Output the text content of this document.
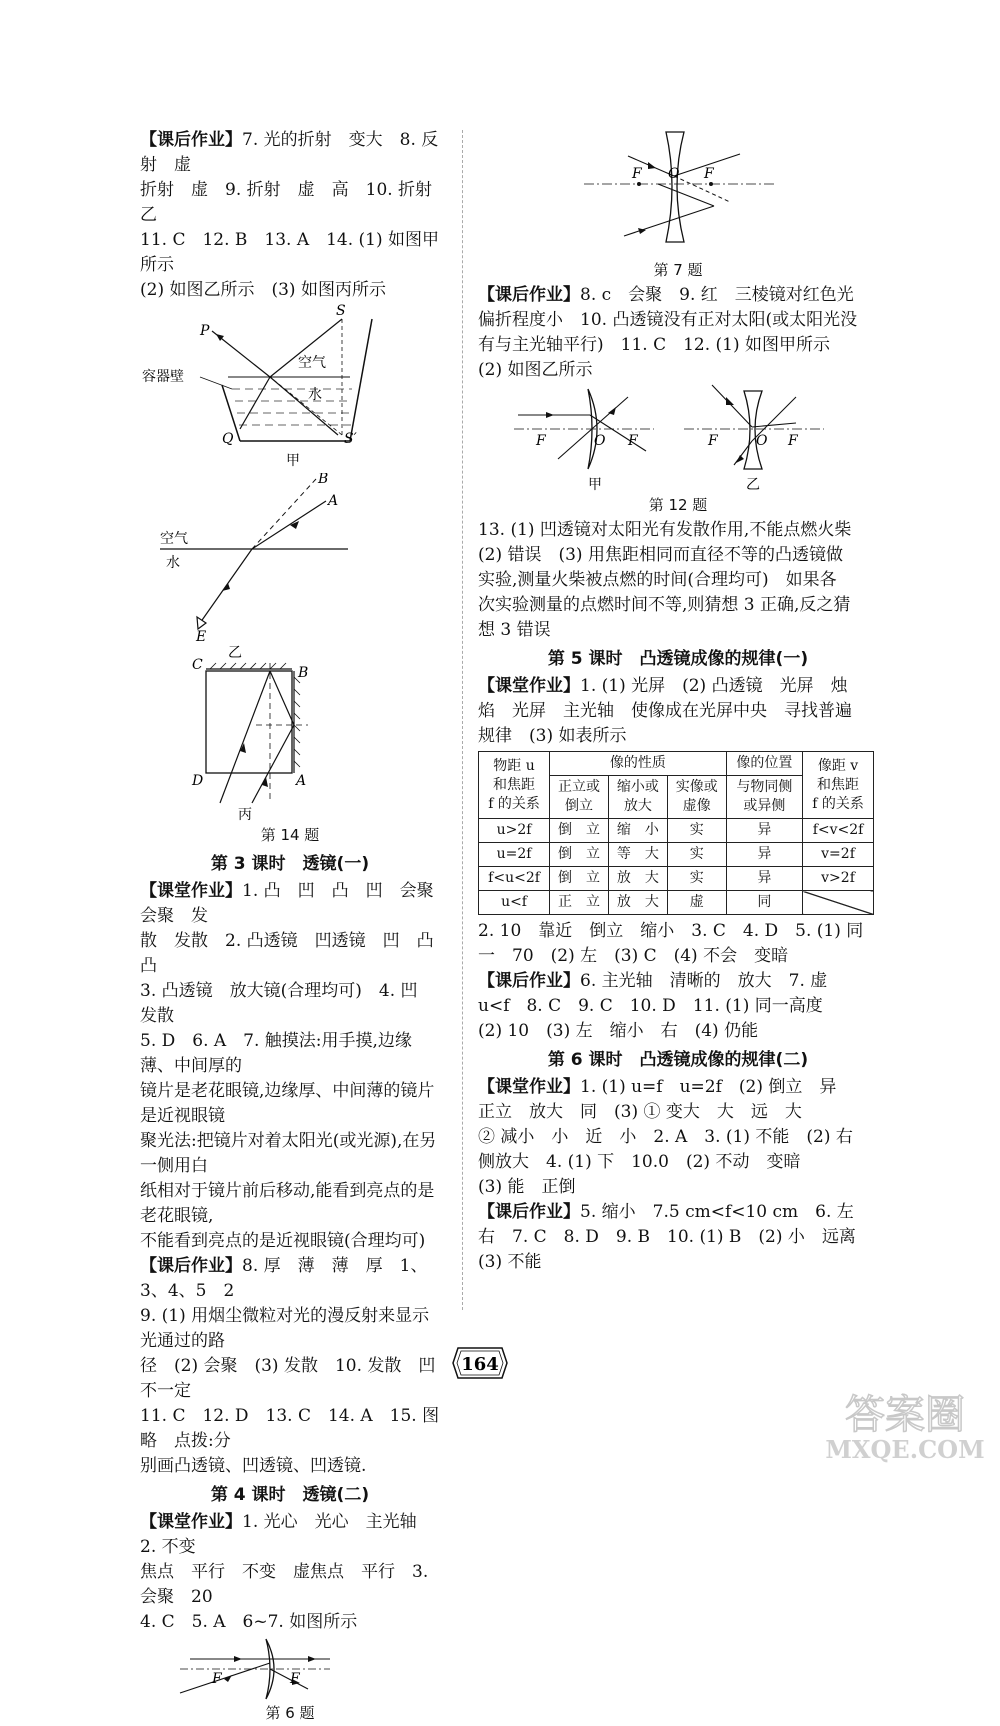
【课后作业】7. 光的折射　变大　8. 反射　虚

折射　虚　9. 折射　虚　高　10. 折射　乙

11. C　12. B　13. A　14. (1) 如图甲所示

(2) 如图乙所示　(3) 如图丙所示

S
P
Q	S′
容器壁
空气
水
甲
B
A
E
空气
水
乙
C	B
D	A
丙

第 14 题

第 3 课时　透镜(一)

【课堂作业】1. 凸　凹　凸　凹　会聚　会聚　发

散　发散　2. 凸透镜　凹透镜　凹　凸　凸

3. 凸透镜　放大镜(合理均可)　4. 凹　发散

5. D　6. A　7. 触摸法:用手摸,边缘薄、中间厚的

镜片是老花眼镜,边缘厚、中间薄的镜片是近视眼镜

聚光法:把镜片对着太阳光(或光源),在另一侧用白

纸相对于镜片前后移动,能看到亮点的是老花眼镜,

不能看到亮点的是近视眼镜(合理均可)

【课后作业】8. 厚　薄　薄　厚　1、3、4、5　2

9. (1) 用烟尘微粒对光的漫反射来显示光通过的路

径　(2) 会聚　(3) 发散　10. 发散　凹　不一定

11. C　12. D　13. C　14. A　15. 图略　点拨:分

别画凸透镜、凹透镜、凹透镜.

第 4 课时　透镜(二)

【课堂作业】1. 光心　光心　主光轴　2. 不变

焦点　平行　不变　虚焦点　平行　3. 会聚　20

4. C　5. A　6~7. 如图所示

F	F

第 6 题

F O F

第 7 题

【课后作业】8. c　会聚　9. 红　三棱镜对红色光

偏折程度小　10. 凸透镜没有正对太阳(或太阳光没

有与主光轴平行)　11. C　12. (1) 如图甲所示

(2) 如图乙所示

F	O F
甲
F	O F
乙

第 12 题

13. (1) 凹透镜对太阳光有发散作用,不能点燃火柴

(2) 错误　(3) 用焦距相同而直径不等的凸透镜做

实验,测量火柴被点燃的时间(合理均可)　如果各

次实验测量的点燃时间不等,则猜想 3 正确,反之猜

想 3 错误

第 5 课时　凸透镜成像的规律(一)

【课堂作业】1. (1) 光屏　(2) 凸透镜　光屏　烛

焰　光屏　主光轴　使像成在光屏中央　寻找普遍

规律　(3) 如表所示

物距 u
和焦距
f 的关系	像的性质			像的位置	像距 v
和焦距
f 的关系
	正立或
倒立	缩小或
放大	实像或
虚像	与物同侧
或异侧	
u>2f	倒　立	缩　小	实	异	f<v<2f
u=2f	倒　立	等　大	实	异	v=2f
f<u<2f	倒　立	放　大	实	异	v>2f
u<f	正　立	放　大	虚	同	

2. 10　靠近　倒立　缩小　3. C　4. D　5. (1) 同

一　70　(2) 左　(3) C　(4) 不会　变暗

【课后作业】6. 主光轴　清晰的　放大　7. 虚

u<f　8. C　9. C　10. D　11. (1) 同一高度

(2) 10　(3) 左　缩小　右　(4) 仍能

第 6 课时　凸透镜成像的规律(二)

【课堂作业】1. (1) u=f　u=2f　(2) 倒立　异

正立　放大　同　(3) ① 变大　大　远　大

② 减小　小　近　小　2. A　3. (1) 不能　(2) 右

侧放大　4. (1) 下　10.0　(2) 不动　变暗

(3) 能　正倒

【课后作业】5. 缩小　7.5 cm<f<10 cm　6. 左

右　7. C　8. D　9. B　10. (1) B　(2) 小　远离

(3) 不能

164
答案圈
MXQE.COM
